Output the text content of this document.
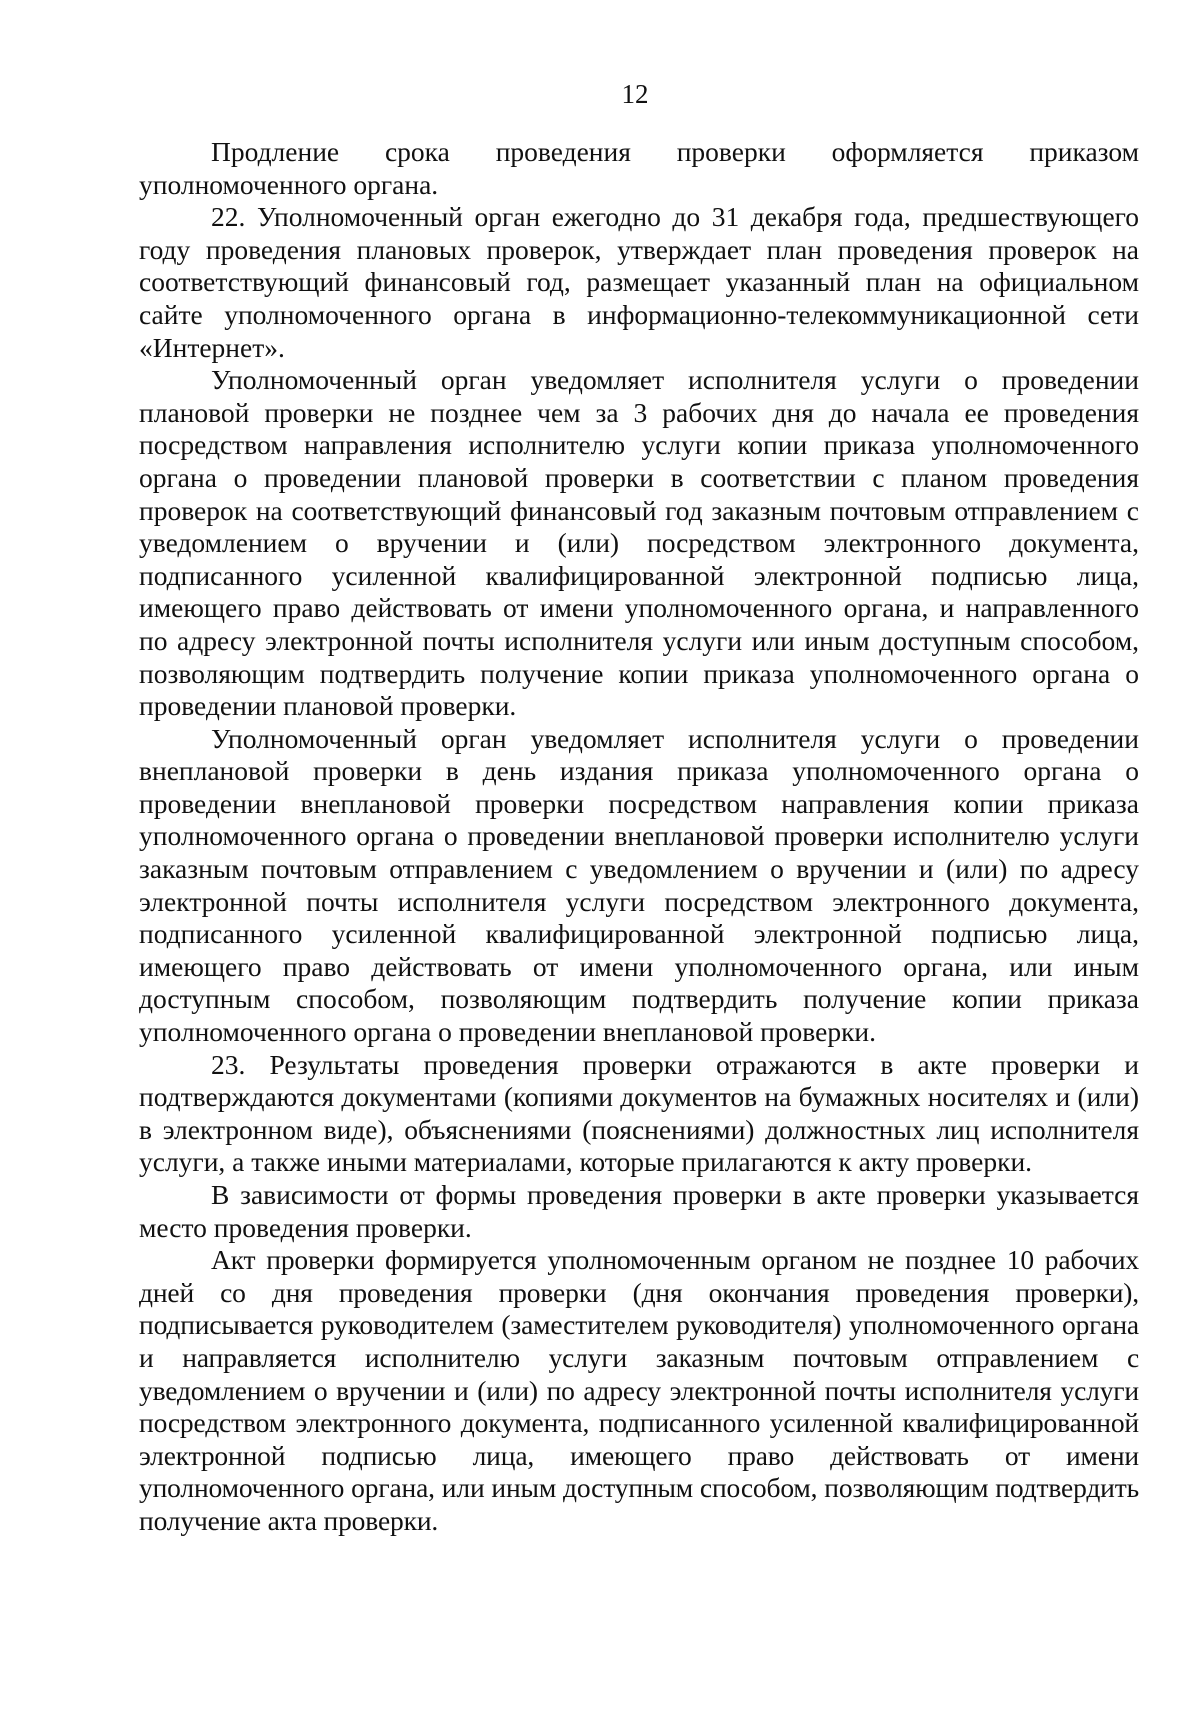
12

Продление срока проведения проверки оформляется приказом уполномоченного органа.

22. Уполномоченный орган ежегодно до 31 декабря года, предшествующего году проведения плановых проверок, утверждает план проведения проверок на соответствующий финансовый год, размещает указанный план на официальном сайте уполномоченного органа в информационно-телекоммуникационной сети «Интернет».

Уполномоченный орган уведомляет исполнителя услуги о проведении плановой проверки не позднее чем за 3 рабочих дня до начала ее проведения посредством направления исполнителю услуги копии приказа уполномоченного органа о проведении плановой проверки в соответствии с планом проведения проверок на соответствующий финансовый год заказным почтовым отправлением с уведомлением о вручении и (или) посредством электронного документа, подписанного усиленной квалифицированной электронной подписью лица, имеющего право действовать от имени уполномоченного органа, и направленного по адресу электронной почты исполнителя услуги или иным доступным способом, позволяющим подтвердить получение копии приказа уполномоченного органа о проведении плановой проверки.

Уполномоченный орган уведомляет исполнителя услуги о проведении внеплановой проверки в день издания приказа уполномоченного органа о проведении внеплановой проверки посредством направления копии приказа уполномоченного органа о проведении внеплановой проверки исполнителю услуги заказным почтовым отправлением с уведомлением о вручении и (или) по адресу электронной почты исполнителя услуги посредством электронного документа, подписанного усиленной квалифицированной электронной подписью лица, имеющего право действовать от имени уполномоченного органа, или иным доступным способом, позволяющим подтвердить получение копии приказа уполномоченного органа о проведении внеплановой проверки.

23. Результаты проведения проверки отражаются в акте проверки и подтверждаются документами (копиями документов на бумажных носителях и (или) в электронном виде), объяснениями (пояснениями) должностных лиц исполнителя услуги, а также иными материалами, которые прилагаются к акту проверки.

В зависимости от формы проведения проверки в акте проверки указывается место проведения проверки.

Акт проверки формируется уполномоченным органом не позднее 10 рабочих дней со дня проведения проверки (дня окончания проведения проверки), подписывается руководителем (заместителем руководителя) уполномоченного органа и направляется исполнителю услуги заказным почтовым отправлением с уведомлением о вручении и (или) по адресу электронной почты исполнителя услуги посредством электронного документа, подписанного усиленной квалифицированной электронной подписью лица, имеющего право действовать от имени уполномоченного органа, или иным доступным способом, позволяющим подтвердить получение акта проверки.
